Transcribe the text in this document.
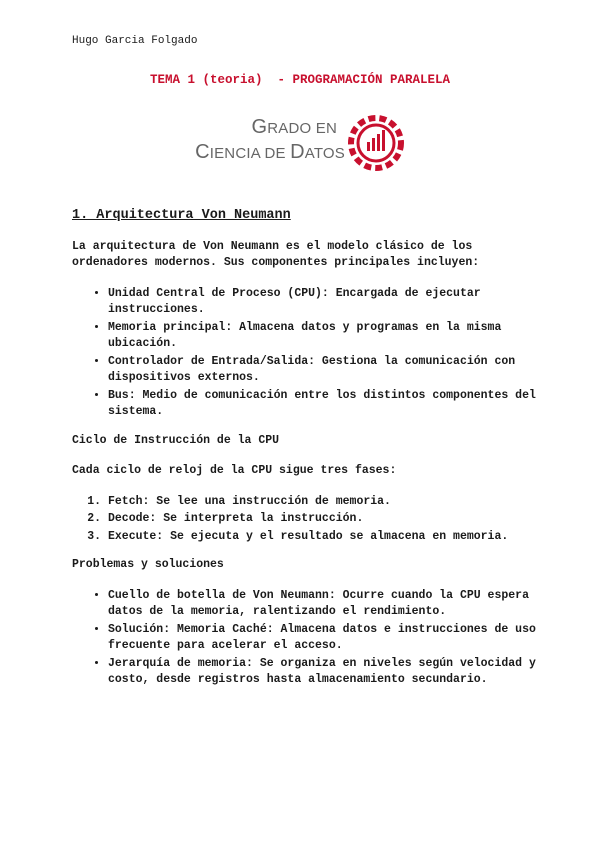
Hugo Garcia Folgado
TEMA 1 (teoria)  - PROGRAMACIÓN PARALELA
GRADO EN
CIENCIA DE DATOS
1. Arquitectura Von Neumann

La arquitectura de Von Neumann es el modelo clásico de los ordenadores modernos. Sus componentes principales incluyen:

• Unidad Central de Proceso (CPU): Encargada de ejecutar instrucciones.
• Memoria principal: Almacena datos y programas en la misma ubicación.
• Controlador de Entrada/Salida: Gestiona la comunicación con dispositivos externos.
• Bus: Medio de comunicación entre los distintos componentes del sistema.

Ciclo de Instrucción de la CPU

Cada ciclo de reloj de la CPU sigue tres fases:

1. Fetch: Se lee una instrucción de memoria.
2. Decode: Se interpreta la instrucción.
3. Execute: Se ejecuta y el resultado se almacena en memoria.

Problemas y soluciones

• Cuello de botella de Von Neumann: Ocurre cuando la CPU espera datos de la memoria, ralentizando el rendimiento.
• Solución: Memoria Caché: Almacena datos e instrucciones de uso frecuente para acelerar el acceso.
• Jerarquía de memoria: Se organiza en niveles según velocidad y costo, desde registros hasta almacenamiento secundario.
